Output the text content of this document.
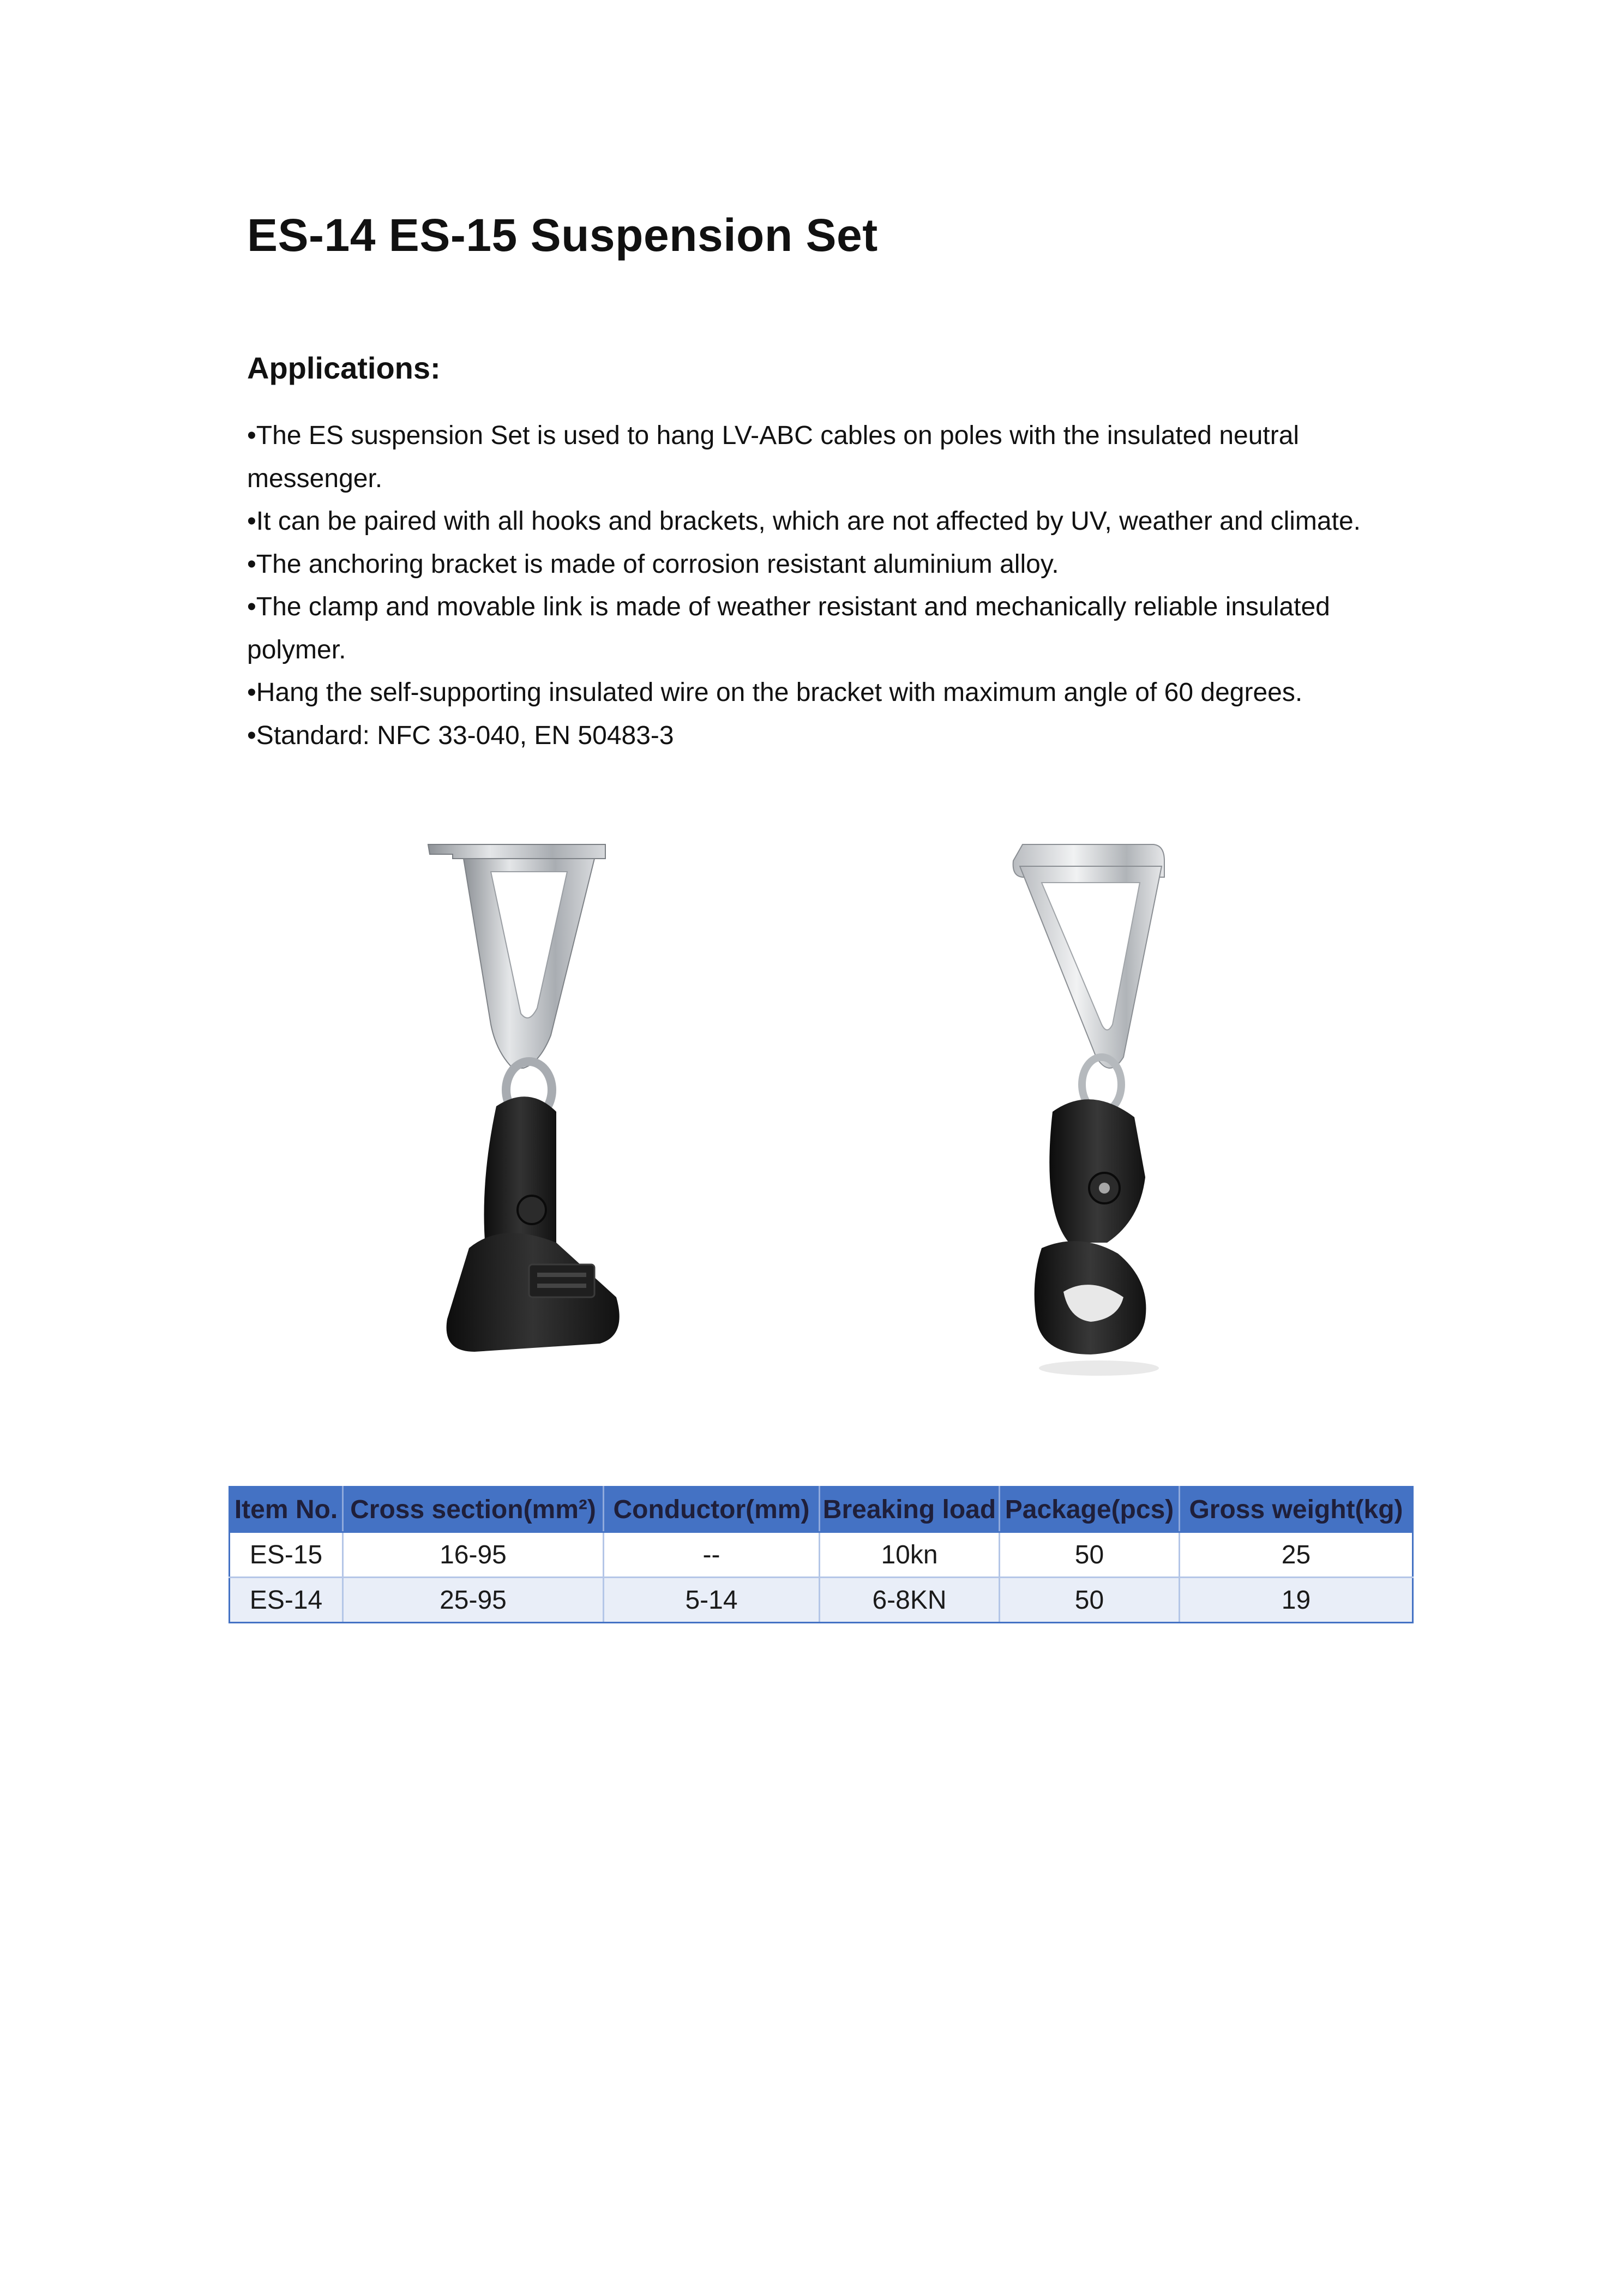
ES-14 ES-15 Suspension Set
Applications:
•The ES suspension Set is used to hang LV-ABC cables on poles with the insulated neutral messenger.
•It can be paired with all hooks and brackets, which are not affected by UV, weather and climate.
•The anchoring bracket is made of corrosion resistant aluminium alloy.
•The clamp and movable link is made of weather resistant and mechanically reliable insulated polymer.
•Hang the self-supporting insulated wire on the bracket with maximum angle of 60 degrees.
•Standard: NFC 33-040, EN 50483-3
Item No.	Cross section(mm²)	Conductor(mm)	Breaking load	Package(pcs)	Gross weight(kg)
ES-15	16-95	--	10kn	50	25
ES-14	25-95	5-14	6-8KN	50	19
